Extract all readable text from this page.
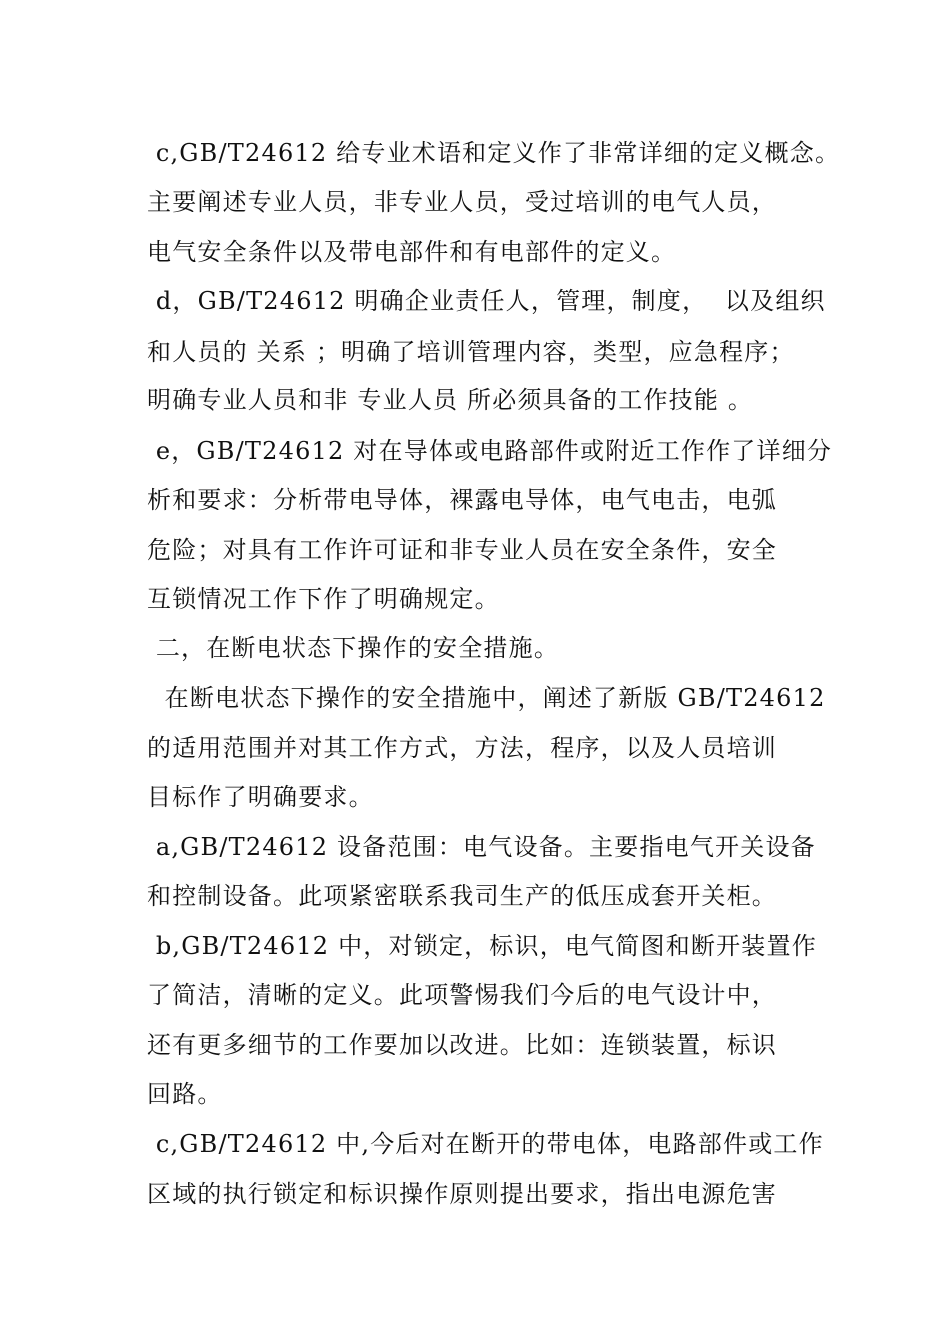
c,GB/T24612 给专业术语和定义作了非常详细的定义概念。
主要阐述专业人员，非专业人员，受过培训的电气人员，
电气安全条件以及带电部件和有电部件的定义。
d，GB/T24612 明确企业责任人，管理，制度，  以及组织
和人员的 关系 ；明确了培训管理内容，类型，应急程序；
明确专业人员和非 专业人员 所必须具备的工作技能 。
e，GB/T24612 对在导体或电路部件或附近工作作了详细分
析和要求：分析带电导体，裸露电导体，电气电击，电弧
危险；对具有工作许可证和非专业人员在安全条件，安全
互锁情况工作下作了明确规定。
二，在断电状态下操作的安全措施。
在断电状态下操作的安全措施中，阐述了新版 GB/T24612
的适用范围并对其工作方式，方法，程序，以及人员培训
目标作了明确要求。
a,GB/T24612 设备范围：电气设备。主要指电气开关设备
和控制设备。此项紧密联系我司生产的低压成套开关柜。
b,GB/T24612 中，对锁定，标识，电气简图和断开装置作
了简洁，清晰的定义。此项警惕我们今后的电气设计中，
还有更多细节的工作要加以改进。比如：连锁装置，标识
回路。
c,GB/T24612 中,今后对在断开的带电体，电路部件或工作
区域的执行锁定和标识操作原则提出要求，指出电源危害
